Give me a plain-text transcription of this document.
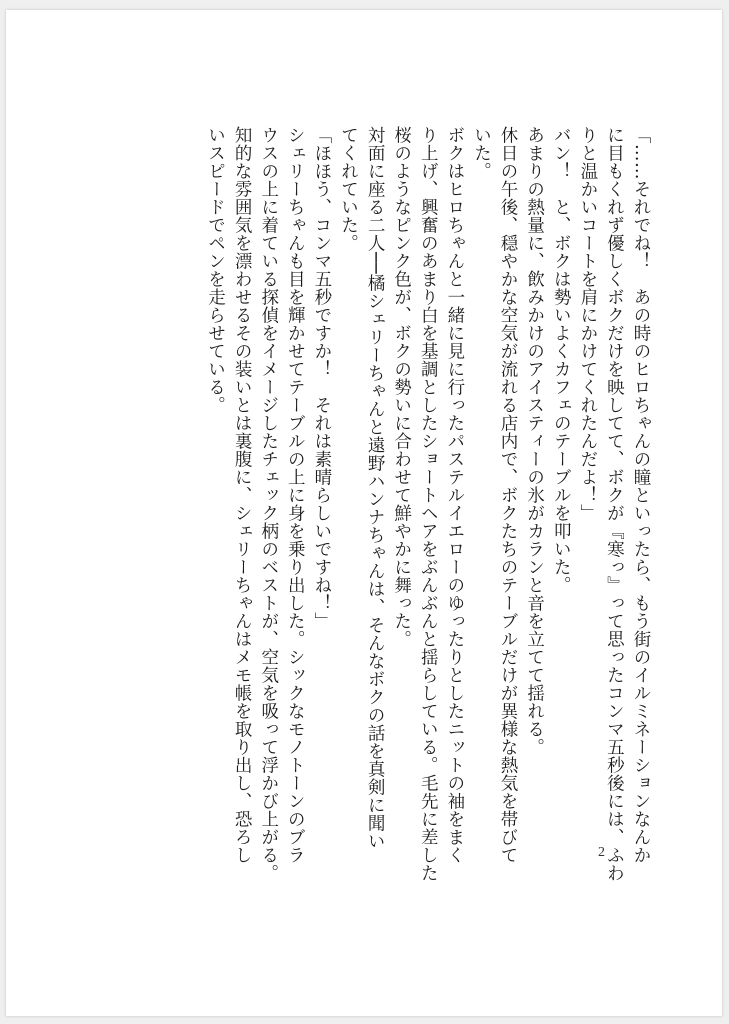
「……それでね！　あの時のヒロちゃんの瞳といったら、もう街のイルミネーションなんか
に目もくれず優しくボクだけを映してて、ボクが『寒っ』って思ったコンマ五秒後には、ふわ
りと温かいコートを肩にかけてくれたんだよ！」
バン！　と、ボクは勢いよくカフェのテーブルを叩いた。
あまりの熱量に、飲みかけのアイスティーの氷がカランと音を立てて揺れる。
休日の午後、穏やかな空気が流れる店内で、ボクたちのテーブルだけが異様な熱気を帯びて
いた。
ボクはヒロちゃんと一緒に見に行ったパステルイエローのゆったりとしたニットの袖をまく
り上げ、興奮のあまり白を基調としたショートヘアをぶんぶんと揺らしている。毛先に差した
桜のようなピンク色が、ボクの勢いに合わせて鮮やかに舞った。
対面に座る二人──橘シェリーちゃんと遠野ハンナちゃんは、そんなボクの話を真剣に聞い
てくれていた。
「ほほう、コンマ五秒ですか！　それは素晴らしいですね！」
シェリーちゃんも目を輝かせてテーブルの上に身を乗り出した。シックなモノトーンのブラ
ウスの上に着ている探偵をイメージしたチェック柄のベストが、空気を吸って浮かび上がる。
知的な雰囲気を漂わせるその装いとは裏腹に、シェリーちゃんはメモ帳を取り出し、恐ろし
いスピードでペンを走らせている。
2
